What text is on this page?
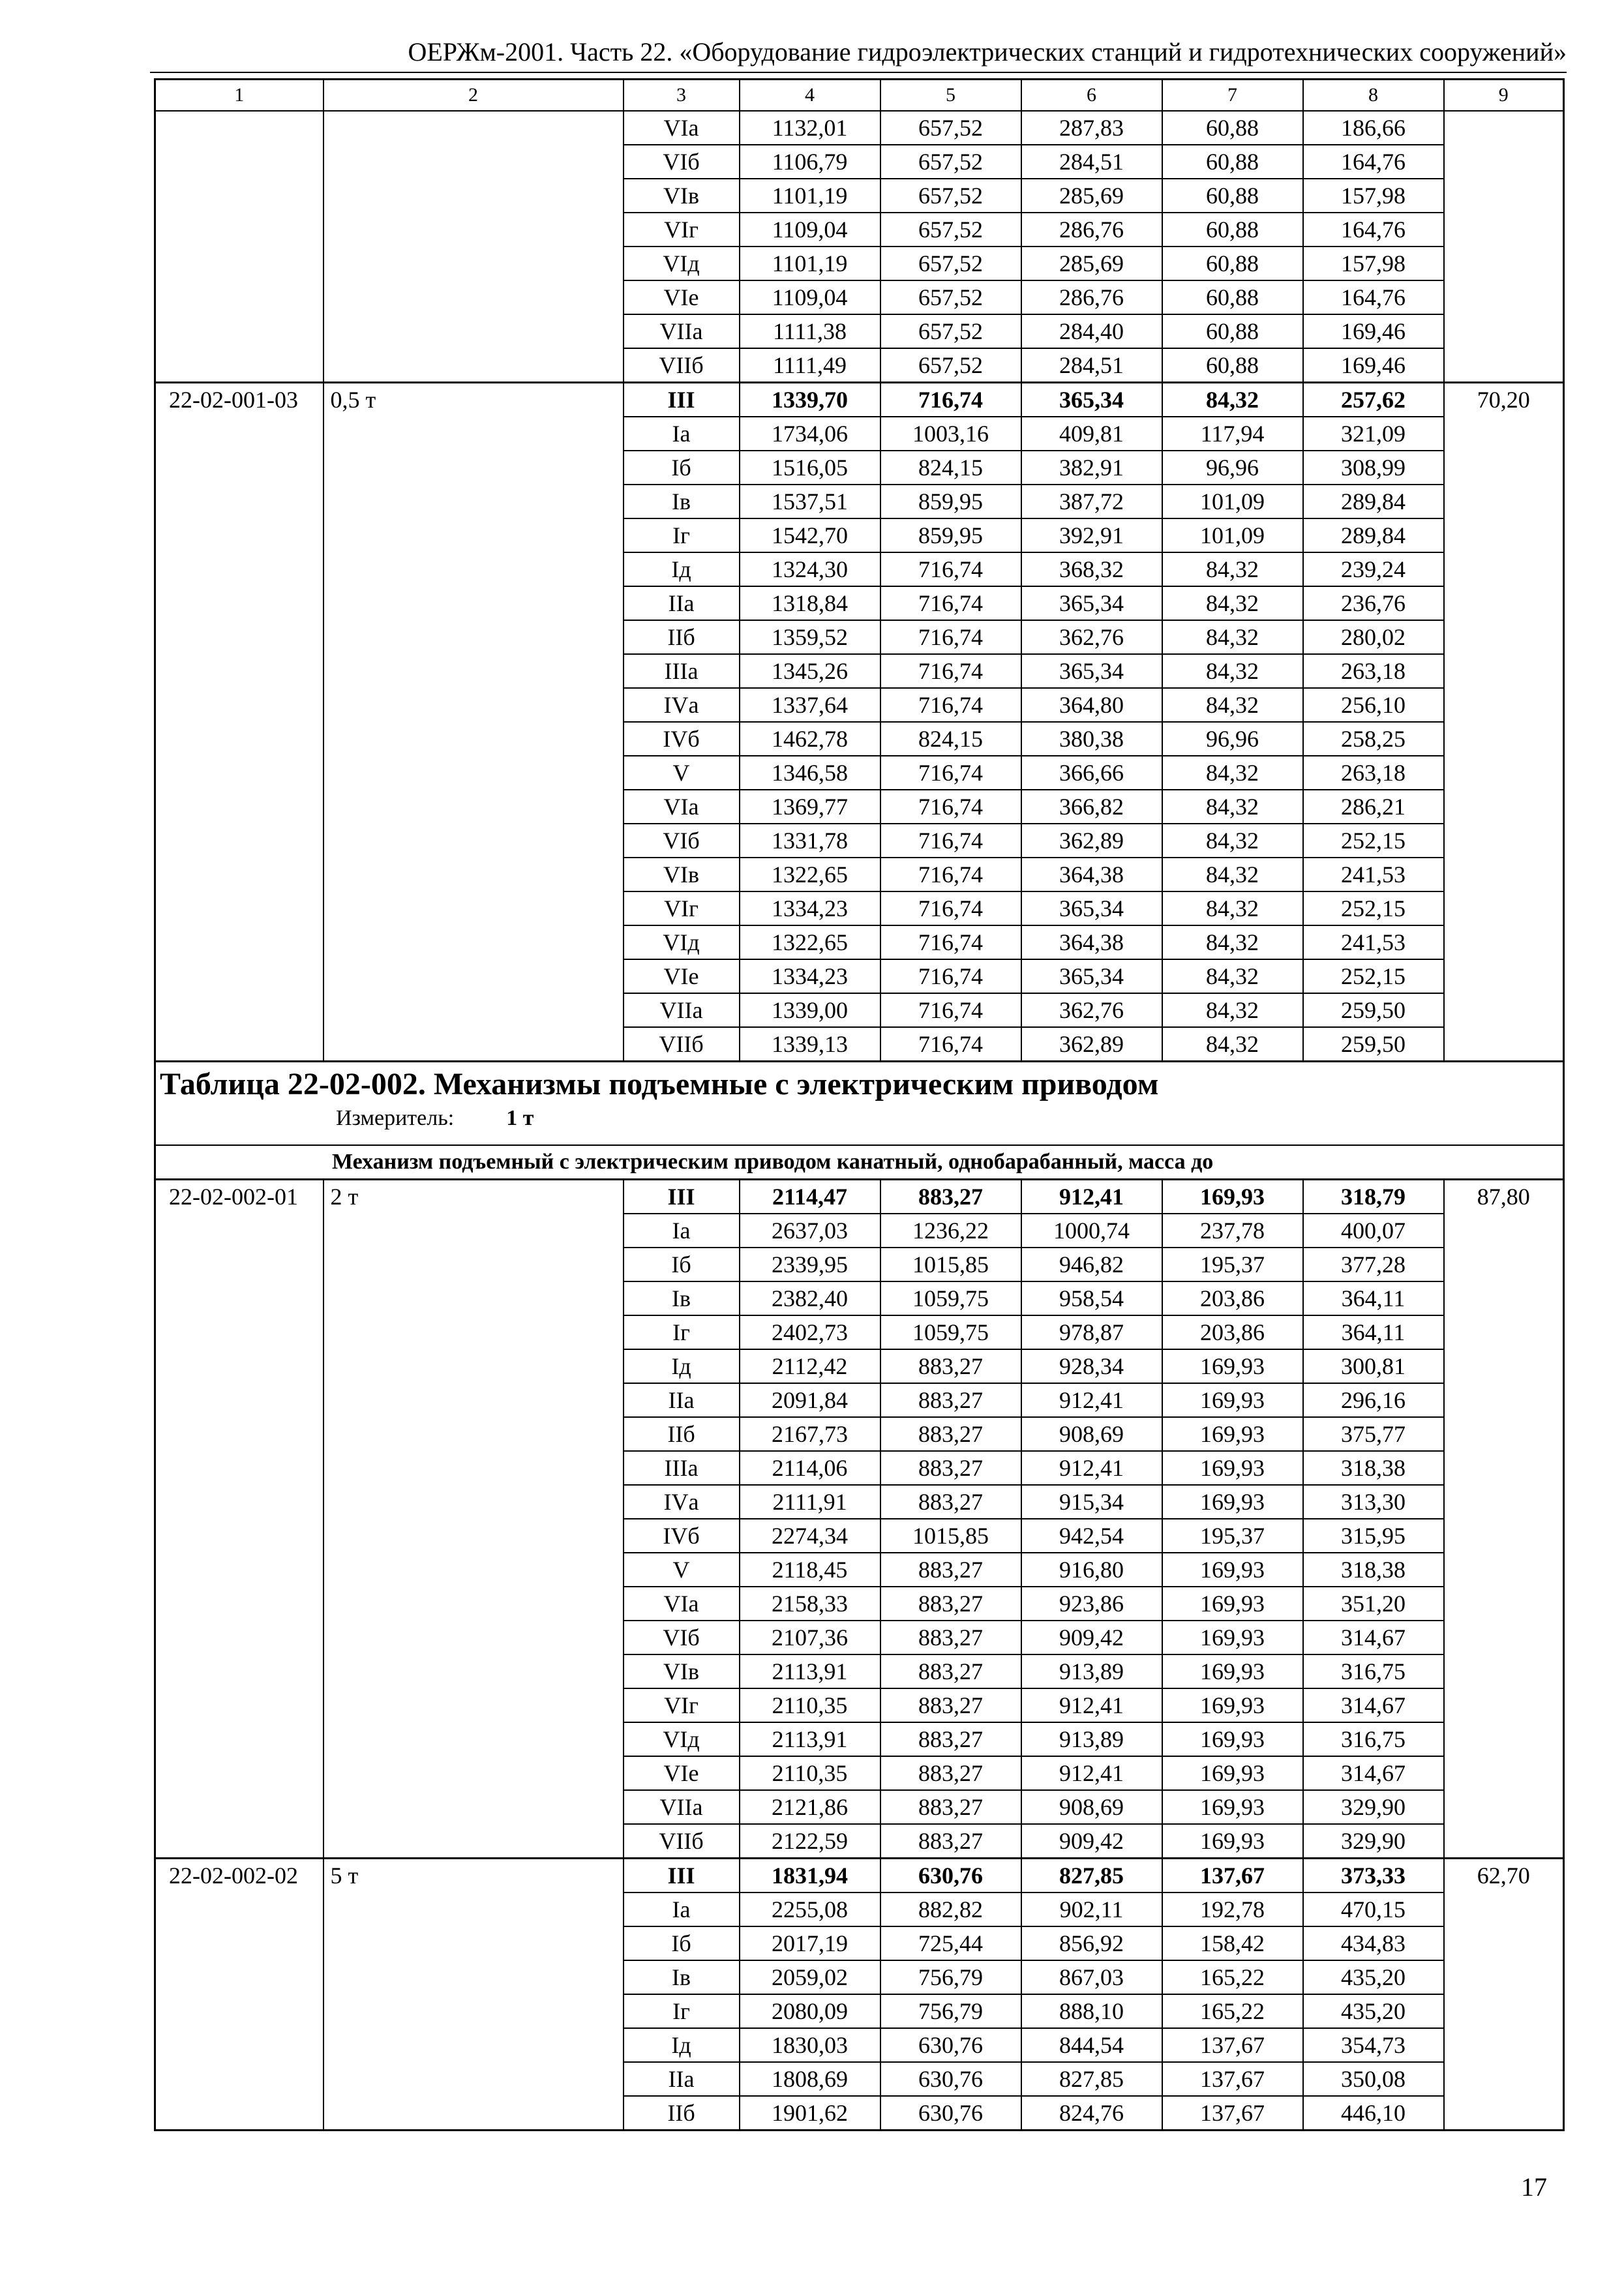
ОЕРЖм-2001. Часть 22. «Оборудование гидроэлектрических станций и гидротехнических сооружений»
1	2	3	4	5	6	7	8	9
		VIа	1132,01	657,52	287,83	60,88	186,66	
		VIб	1106,79	657,52	284,51	60,88	164,76	
		VIв	1101,19	657,52	285,69	60,88	157,98	
		VIг	1109,04	657,52	286,76	60,88	164,76	
		VIд	1101,19	657,52	285,69	60,88	157,98	
		VIе	1109,04	657,52	286,76	60,88	164,76	
		VIIа	1111,38	657,52	284,40	60,88	169,46	
		VIIб	1111,49	657,52	284,51	60,88	169,46	
22-02-001-03	0,5 т	III	1339,70	716,74	365,34	84,32	257,62	70,20
		Iа	1734,06	1003,16	409,81	117,94	321,09	
		Iб	1516,05	824,15	382,91	96,96	308,99	
		Iв	1537,51	859,95	387,72	101,09	289,84	
		Iг	1542,70	859,95	392,91	101,09	289,84	
		Iд	1324,30	716,74	368,32	84,32	239,24	
		IIа	1318,84	716,74	365,34	84,32	236,76	
		IIб	1359,52	716,74	362,76	84,32	280,02	
		IIIа	1345,26	716,74	365,34	84,32	263,18	
		IVа	1337,64	716,74	364,80	84,32	256,10	
		IVб	1462,78	824,15	380,38	96,96	258,25	
		V	1346,58	716,74	366,66	84,32	263,18	
		VIа	1369,77	716,74	366,82	84,32	286,21	
		VIб	1331,78	716,74	362,89	84,32	252,15	
		VIв	1322,65	716,74	364,38	84,32	241,53	
		VIг	1334,23	716,74	365,34	84,32	252,15	
		VIд	1322,65	716,74	364,38	84,32	241,53	
		VIе	1334,23	716,74	365,34	84,32	252,15	
		VIIа	1339,00	716,74	362,76	84,32	259,50	
		VIIб	1339,13	716,74	362,89	84,32	259,50	

Таблица 22-02-002. Механизмы подъемные с электрическим приводом
Измеритель: 1 т								

Механизм подъемный с электрическим приводом канатный, однобарабанный, масса до								
22-02-002-01	2 т	III	2114,47	883,27	912,41	169,93	318,79	87,80
		Iа	2637,03	1236,22	1000,74	237,78	400,07	
		Iб	2339,95	1015,85	946,82	195,37	377,28	
		Iв	2382,40	1059,75	958,54	203,86	364,11	
		Iг	2402,73	1059,75	978,87	203,86	364,11	
		Iд	2112,42	883,27	928,34	169,93	300,81	
		IIа	2091,84	883,27	912,41	169,93	296,16	
		IIб	2167,73	883,27	908,69	169,93	375,77	
		IIIа	2114,06	883,27	912,41	169,93	318,38	
		IVа	2111,91	883,27	915,34	169,93	313,30	
		IVб	2274,34	1015,85	942,54	195,37	315,95	
		V	2118,45	883,27	916,80	169,93	318,38	
		VIа	2158,33	883,27	923,86	169,93	351,20	
		VIб	2107,36	883,27	909,42	169,93	314,67	
		VIв	2113,91	883,27	913,89	169,93	316,75	
		VIг	2110,35	883,27	912,41	169,93	314,67	
		VIд	2113,91	883,27	913,89	169,93	316,75	
		VIе	2110,35	883,27	912,41	169,93	314,67	
		VIIа	2121,86	883,27	908,69	169,93	329,90	
		VIIб	2122,59	883,27	909,42	169,93	329,90	
22-02-002-02	5 т	III	1831,94	630,76	827,85	137,67	373,33	62,70
		Iа	2255,08	882,82	902,11	192,78	470,15	
		Iб	2017,19	725,44	856,92	158,42	434,83	
		Iв	2059,02	756,79	867,03	165,22	435,20	
		Iг	2080,09	756,79	888,10	165,22	435,20	
		Iд	1830,03	630,76	844,54	137,67	354,73	
		IIа	1808,69	630,76	827,85	137,67	350,08	
		IIб	1901,62	630,76	824,76	137,67	446,10	
17
